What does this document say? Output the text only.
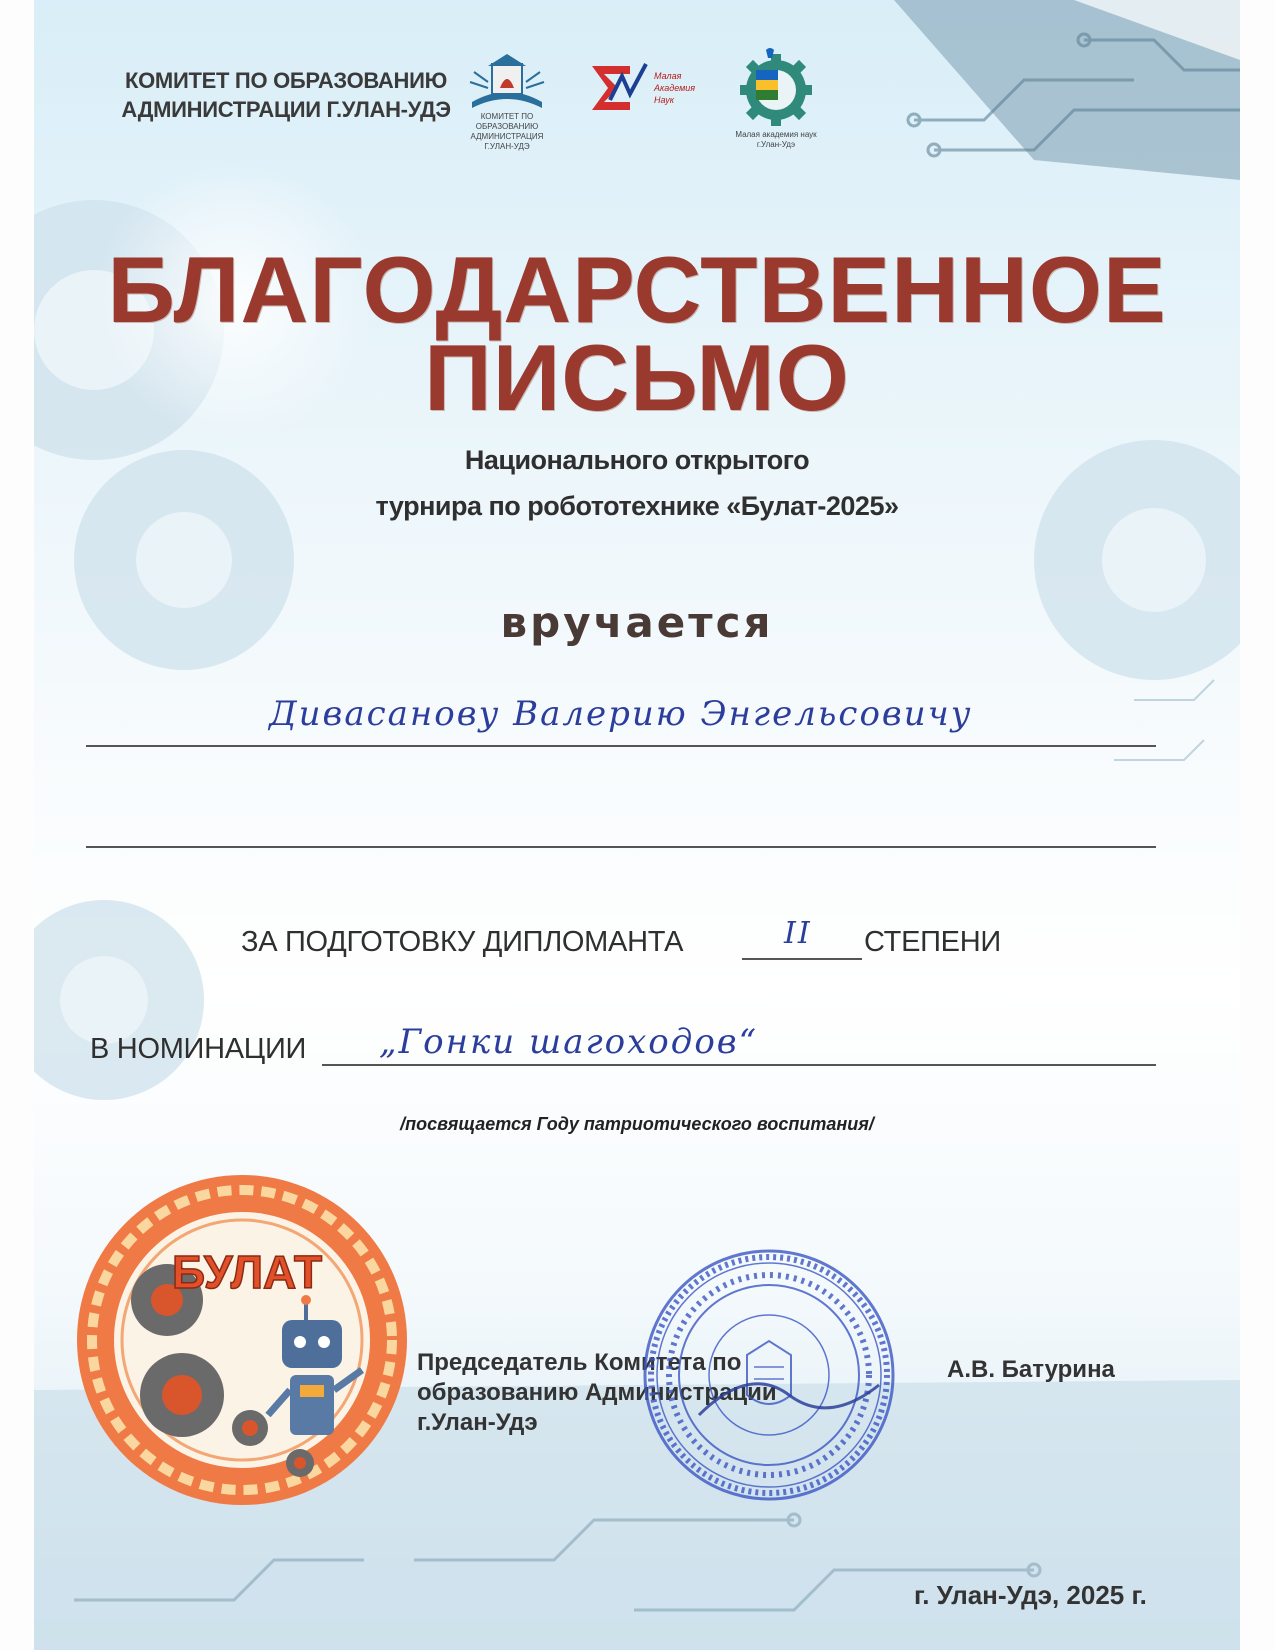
КОМИТЕТ ПО ОБРАЗОВАНИЮ
АДМИНИСТРАЦИИ Г.УЛАН-УДЭ	КОМИТЕТ ПО ОБРАЗОВАНИЮ
АДМИНИСТРАЦИЯ
Г.УЛАН-УДЭ
Малая
Академия
Наук
Малая академия наук
г.Улан-Удэ
БЛАГОДАРСТВЕННОЕ
ПИСЬМО
Национального открытого
турнира по робототехнике «Булат-2025»
вручается
Дивасанову Валерию Энгельсовичу
ЗА ПОДГОТОВКУ ДИПЛОМАНТА	II СТЕПЕНИ
В НОМИНАЦИИ „Гонки шагоходов“
/посвящается Году патриотического воспитания/
БУЛАТ
Председатель Комитета по
образованию Администрации
г.Улан-Удэ
А.В. Батурина
г. Улан-Удэ, 2025 г.
